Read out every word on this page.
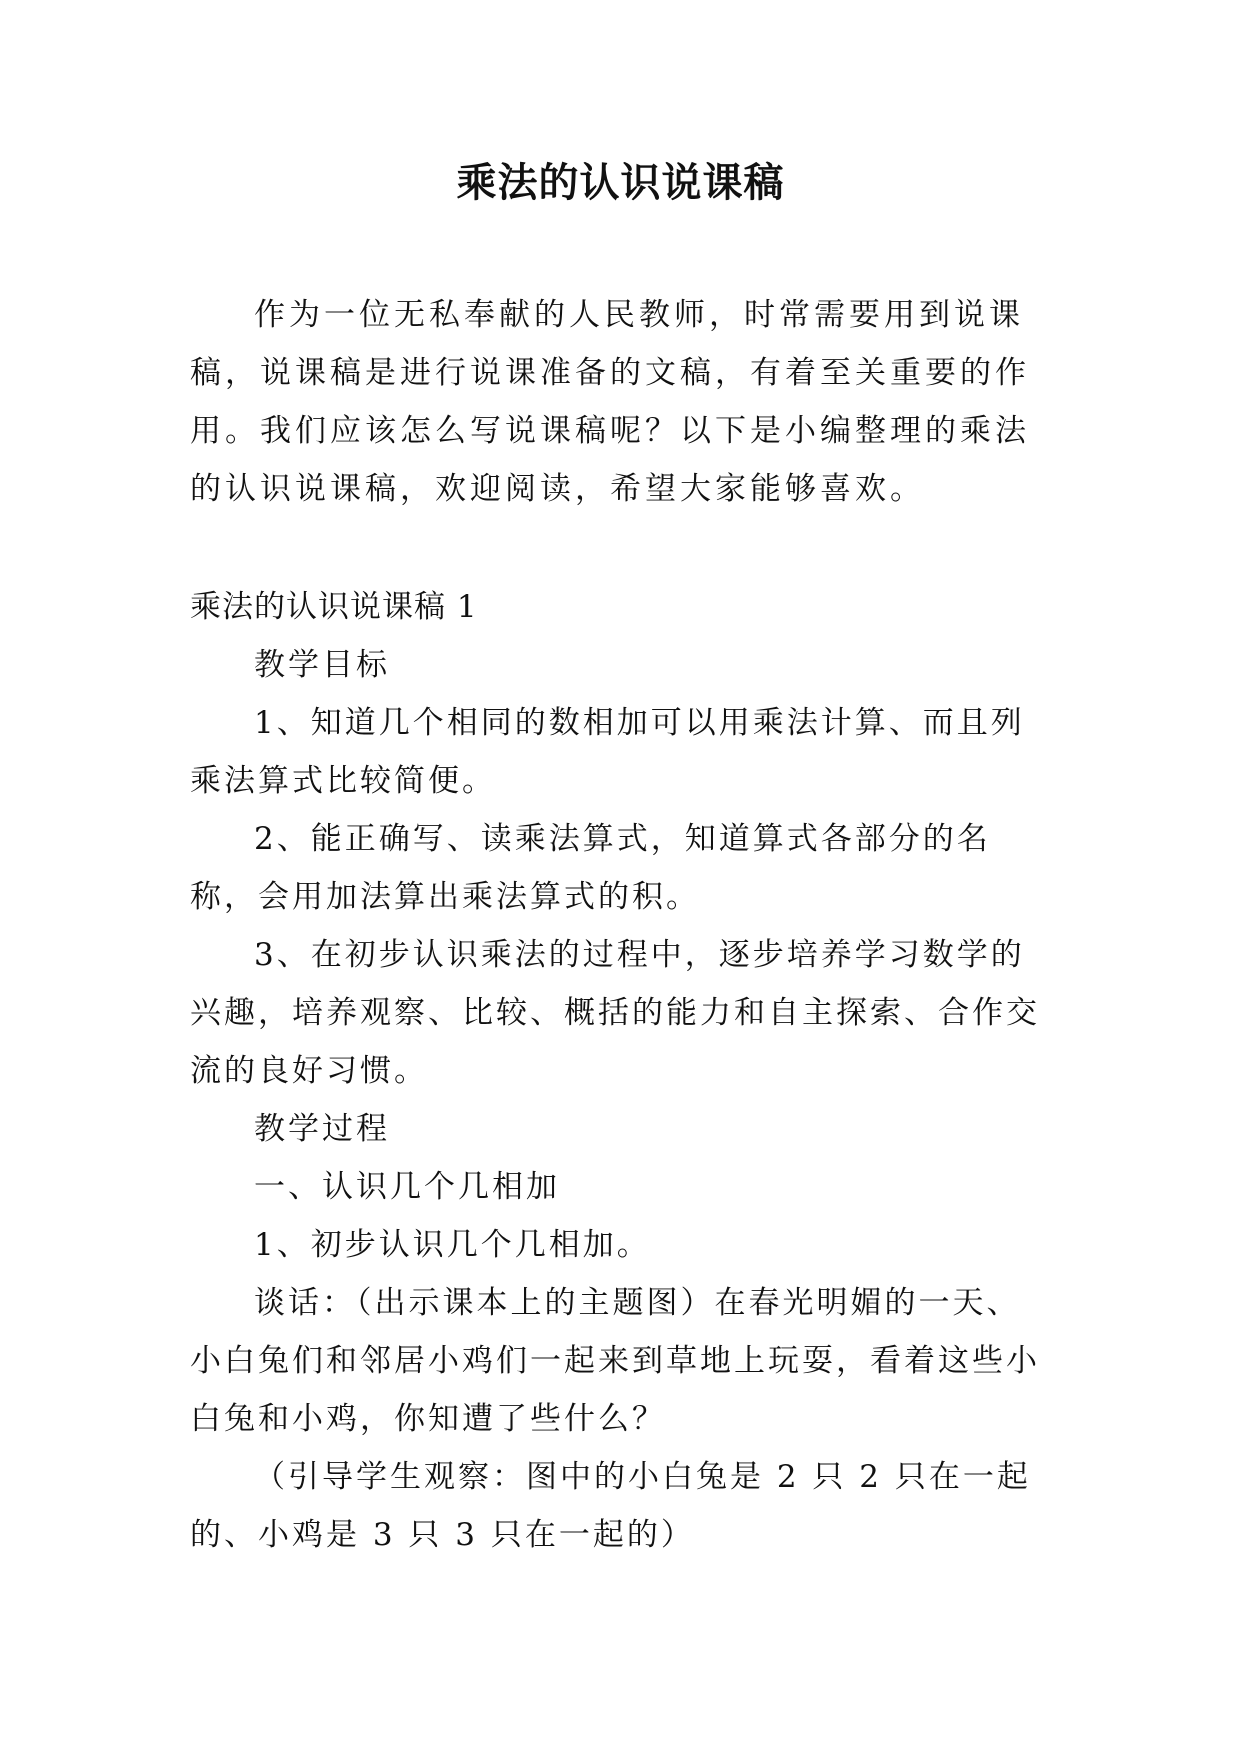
乘法的认识说课稿

作为一位无私奉献的人民教师，时常需要用到说课稿，说课稿是进行说课准备的文稿，有着至关重要的作用。我们应该怎么写说课稿呢？以下是小编整理的乘法的认识说课稿，欢迎阅读，希望大家能够喜欢。

乘法的认识说课稿 1

教学目标

1、知道几个相同的数相加可以用乘法计算、而且列乘法算式比较简便。

2、能正确写、读乘法算式，知道算式各部分的名称，会用加法算出乘法算式的积。

3、在初步认识乘法的过程中，逐步培养学习数学的兴趣，培养观察、比较、概括的能力和自主探索、合作交流的良好习惯。

教学过程

一、认识几个几相加

1、初步认识几个几相加。

谈话：（出示课本上的主题图）在春光明媚的一天、小白兔们和邻居小鸡们一起来到草地上玩耍，看着这些小白兔和小鸡，你知遭了些什么？

（引导学生观察：图中的小白兔是 2 只 2 只在一起的、小鸡是 3 只 3 只在一起的）
